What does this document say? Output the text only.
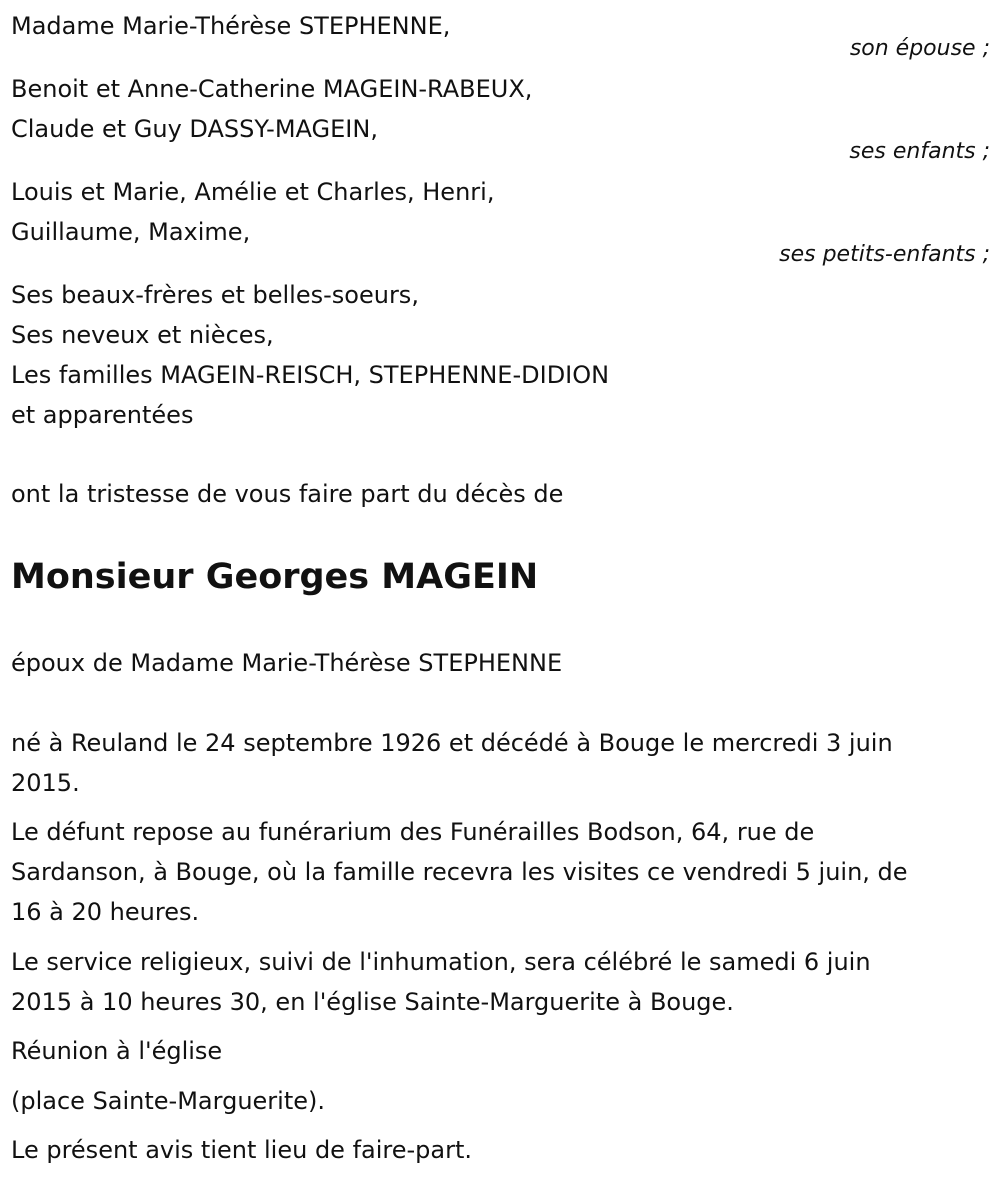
Madame Marie-Thérèse STEPHENNE,
son épouse ;
Benoit et Anne-Catherine MAGEIN-RABEUX,
Claude et Guy DASSY-MAGEIN,
ses enfants ;
Louis et Marie, Amélie et Charles, Henri,
Guillaume, Maxime,
ses petits-enfants ;
Ses beaux-frères et belles-soeurs,
Ses neveux et nièces,
Les familles MAGEIN-REISCH, STEPHENNE-DIDION
et apparentées
ont la tristesse de vous faire part du décès de
Monsieur Georges MAGEIN
époux de Madame Marie-Thérèse STEPHENNE
né à Reuland le 24 septembre 1926 et décédé à Bouge le mercredi 3 juin
2015.
Le défunt repose au funérarium des Funérailles Bodson, 64, rue de
Sardanson, à Bouge, où la famille recevra les visites ce vendredi 5 juin, de
16 à 20 heures.
Le service religieux, suivi de l'inhumation, sera célébré le samedi 6 juin
2015 à 10 heures 30, en l'église Sainte-Marguerite à Bouge.
Réunion à l'église
(place Sainte-Marguerite).
Le présent avis tient lieu de faire-part.
